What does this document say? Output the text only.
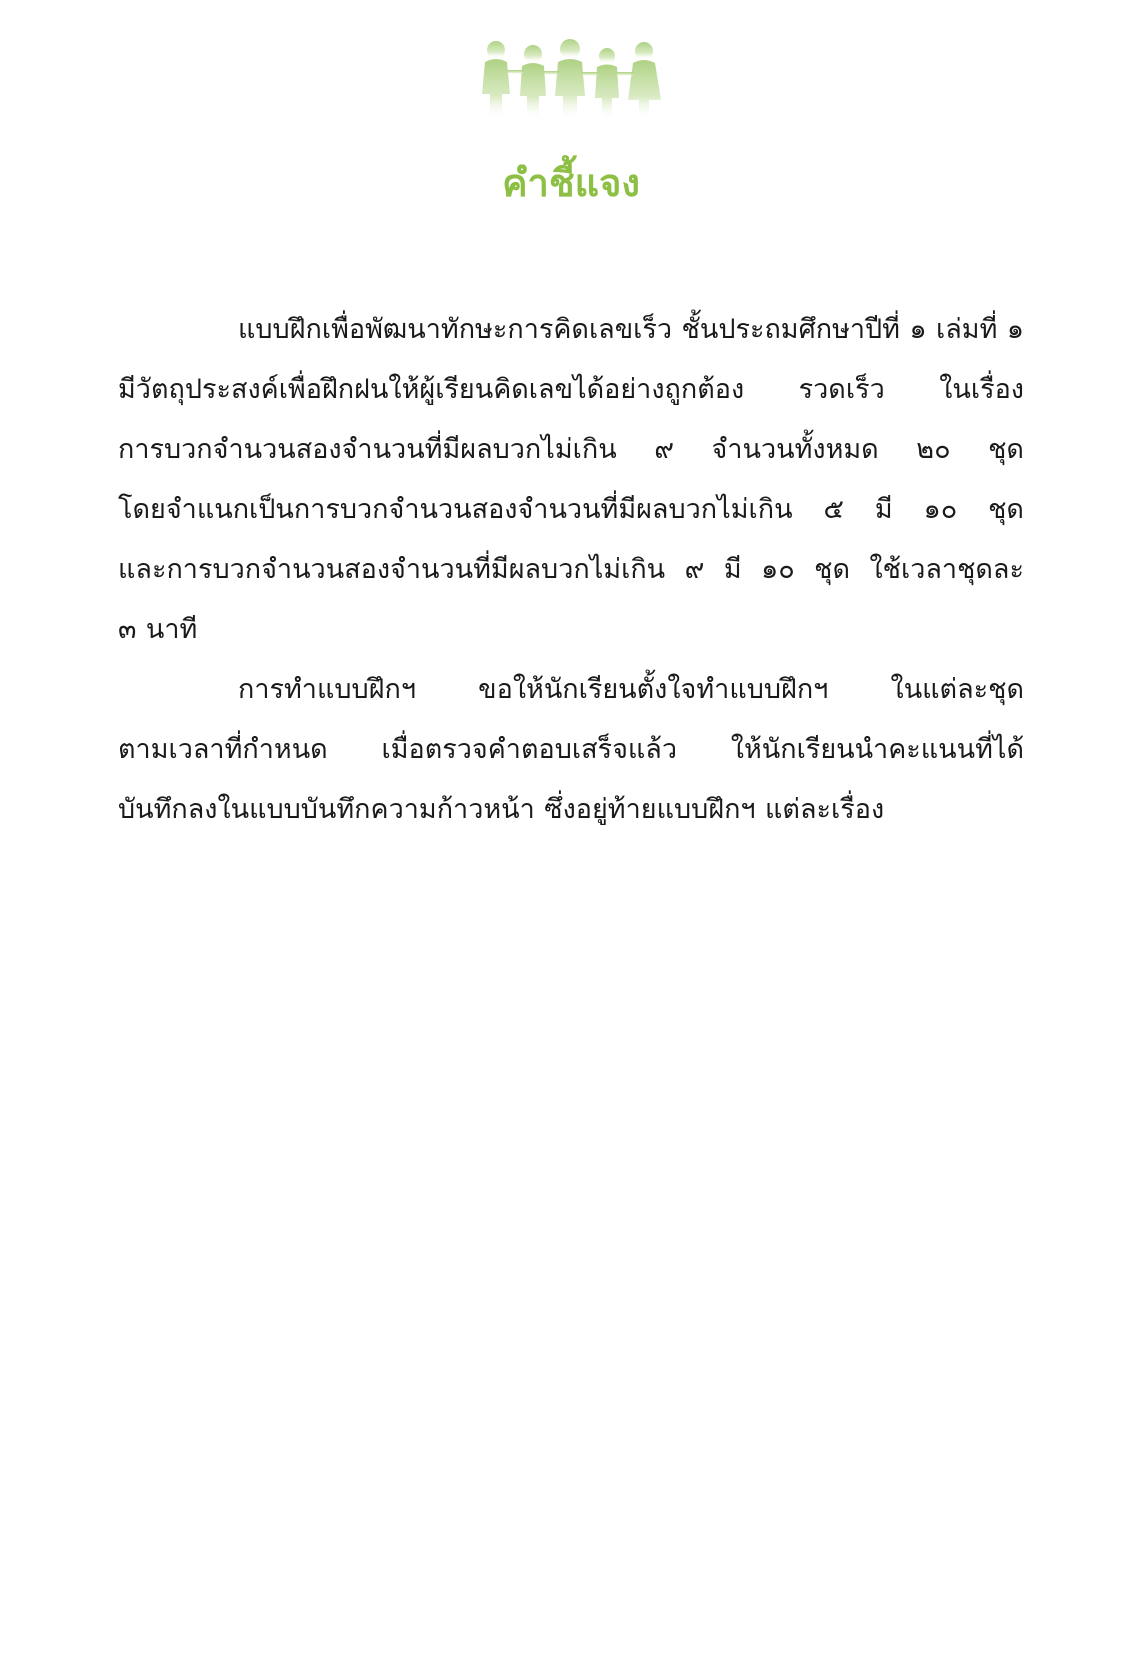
คำชี้แจง
แบบฝึกเพื่อพัฒนาทักษะการคิดเลขเร็ว ชั้นประถมศึกษาปีที่ ๑ เล่มที่ ๑
มีวัตถุประสงค์เพื่อฝึกฝนให้ผู้เรียนคิดเลขได้อย่างถูกต้อง รวดเร็ว ในเรื่อง
การบวกจำนวนสองจำนวนที่มีผลบวกไม่เกิน ๙ จำนวนทั้งหมด ๒๐ ชุด
โดยจำแนกเป็นการบวกจำนวนสองจำนวนที่มีผลบวกไม่เกิน ๕ มี ๑๐ ชุด
และการบวกจำนวนสองจำนวนที่มีผลบวกไม่เกิน ๙ มี ๑๐ ชุด ใช้เวลาชุดละ
๓ นาที
การทำแบบฝึกฯ ขอให้นักเรียนตั้งใจทำแบบฝึกฯ ในแต่ละชุด
ตามเวลาที่กำหนด เมื่อตรวจคำตอบเสร็จแล้ว ให้นักเรียนนำคะแนนที่ได้
บันทึกลงในแบบบันทึกความก้าวหน้า ซึ่งอยู่ท้ายแบบฝึกฯ แต่ละเรื่อง
